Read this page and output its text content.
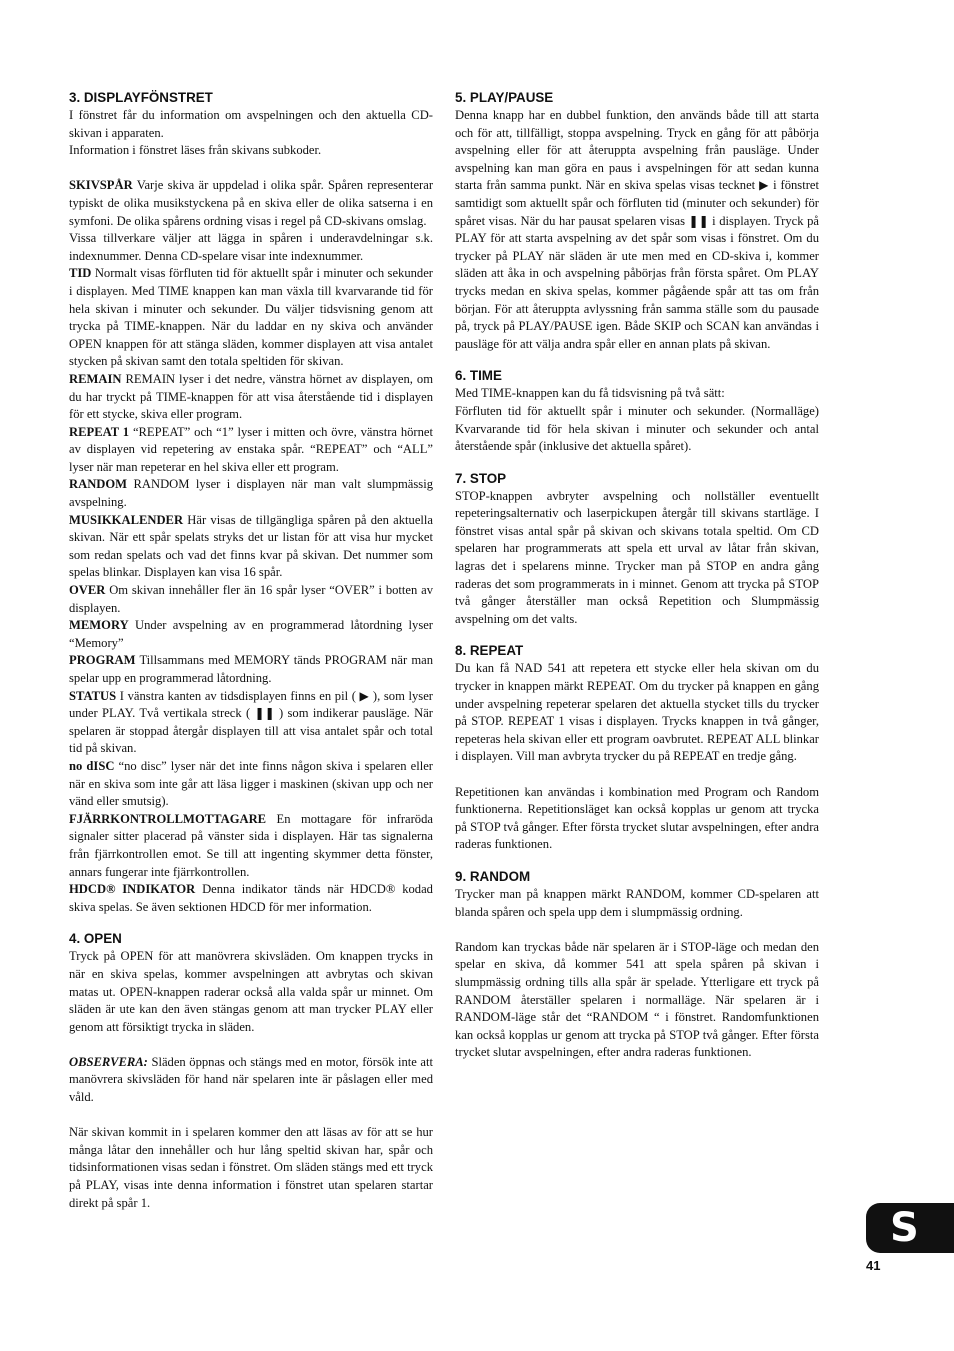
3. DISPLAYFÖNSTRET

I fönstret får du information om avspelningen och den aktuella CD-skivan i apparaten.

Information i fönstret läses från skivans subkoder.

SKIVSPÅR Varje skiva är uppdelad i olika spår. Spåren representerar typiskt de olika musikstyckena på en skiva eller de olika satserna i en symfoni. De olika spårens ordning visas i regel på CD-skivans omslag.

Vissa tillverkare väljer att lägga in spåren i underavdelningar s.k. indexnummer. Denna CD-spelare visar inte indexnummer.

TID Normalt visas förfluten tid för aktuellt spår i minuter och sekunder i displayen. Med TIME knappen kan man växla till kvarvarande tid för hela skivan i minuter och sekunder. Du väljer tidsvisning genom att trycka på TIME-knappen. När du laddar en ny skiva och använder OPEN knappen för att stänga släden, kommer displayen att visa antalet stycken på skivan samt den totala speltiden för skivan.

REMAIN REMAIN lyser i det nedre, vänstra hörnet av displayen, om du har tryckt på TIME-knappen för att visa återstående tid i displayen för ett stycke, skiva eller program.

REPEAT 1 “REPEAT” och “1” lyser i mitten och övre, vänstra hörnet av displayen vid repetering av enstaka spår. “REPEAT” och “ALL” lyser när man repeterar en hel skiva eller ett program.

RANDOM RANDOM lyser i displayen när man valt slumpmässig avspelning.

MUSIKKALENDER Här visas de tillgängliga spåren på den aktuella skivan. När ett spår spelats stryks det ur listan för att visa hur mycket som redan spelats och vad det finns kvar på skivan. Det nummer som spelas blinkar. Displayen kan visa 16 spår.

OVER Om skivan innehåller fler än 16 spår lyser “OVER” i botten av displayen.

MEMORY Under avspelning av en programmerad låtordning lyser “Memory”

PROGRAM Tillsammans med MEMORY tänds PROGRAM när man spelar upp en programmerad låtordning.

STATUS I vänstra kanten av tidsdisplayen finns en pil ( ▶ ), som lyser under PLAY. Två vertikala streck ( ❚❚ ) som indikerar pausläge. När spelaren är stoppad återgår displayen till att visa antalet spår och total tid på skivan.

no dISC “no disc” lyser när det inte finns någon skiva i spelaren eller när en skiva som inte går att läsa ligger i maskinen (skivan upp och ner vänd eller smutsig).

FJÄRRKONTROLLMOTTAGARE En mottagare för infraröda signaler sitter placerad på vänster sida i displayen. Här tas signalerna från fjärrkontrollen emot. Se till att ingenting skymmer detta fönster, annars fungerar inte fjärrkontrollen.

HDCD® INDIKATOR Denna indikator tänds när HDCD® kodad skiva spelas. Se även sektionen HDCD för mer information.

4. OPEN

Tryck på OPEN för att manövrera skivsläden. Om knappen trycks in när en skiva spelas, kommer avspelningen att avbrytas och skivan matas ut. OPEN-knappen raderar också alla valda spår ur minnet. Om släden är ute kan den även stängas genom att man trycker PLAY eller genom att försiktigt trycka in släden.

OBSERVERA: Släden öppnas och stängs med en motor, försök inte att manövrera skivsläden för hand när spelaren inte är påslagen eller med våld.

När skivan kommit in i spelaren kommer den att läsas av för att se hur många låtar den innehåller och hur lång speltid skivan har, spår och tidsinformationen visas sedan i fönstret. Om släden stängs med ett tryck på PLAY, visas inte denna information i fönstret utan spelaren startar direkt på spår 1.

5. PLAY/PAUSE

Denna knapp har en dubbel funktion, den används både till att starta och för att, tillfälligt, stoppa avspelning. Tryck en gång för att påbörja avspelning eller för att återuppta avspelning från pausläge. Under avspelning kan man göra en paus i avspelningen för att sedan kunna starta från samma punkt. När en skiva spelas visas tecknet ▶ i fönstret samtidigt som aktuellt spår och förfluten tid (minuter och sekunder) för spåret visas. När du har pausat spelaren visas ❚❚ i displayen. Tryck på PLAY för att starta avspelning av det spår som visas i fönstret. Om du trycker på PLAY när släden är ute men med en CD-skiva i, kommer släden att åka in och avspelning påbörjas från första spåret. Om PLAY trycks medan en skiva spelas, kommer pågående spår att tas om från början. För att återuppta avlyssning från samma ställe som du pausade på, tryck på PLAY/PAUSE igen. Både SKIP och SCAN kan användas i pausläge för att välja andra spår eller en annan plats på skivan.

6. TIME

Med TIME-knappen kan du få tidsvisning på två sätt:

Förfluten tid för aktuellt spår i minuter och sekunder. (Normalläge) Kvarvarande tid för hela skivan i minuter och sekunder och antal återstående spår (inklusive det aktuella spåret).

7. STOP

STOP-knappen avbryter avspelning och nollställer eventuellt repeteringsalternativ och laserpickupen återgår till skivans startläge. I fönstret visas antal spår på skivan och skivans totala speltid. Om CD spelaren har programmerats att spela ett urval av låtar från skivan, lagras det i spelarens minne. Trycker man på STOP en andra gång raderas det som programmerats in i minnet. Genom att trycka på STOP två gånger återställer man också Repetition och Slumpmässig avspelning om det valts.

8. REPEAT

Du kan få NAD 541 att repetera ett stycke eller hela skivan om du trycker in knappen märkt REPEAT. Om du trycker på knappen en gång under avspelning repeterar spelaren det aktuella stycket tills du trycker på STOP. REPEAT 1 visas i displayen. Trycks knappen in två gånger, repeteras hela skivan eller ett program oavbrutet. REPEAT ALL blinkar i displayen. Vill man avbryta trycker du på REPEAT en tredje gång.

Repetitionen kan användas i kombination med Program och Random funktionerna. Repetitionsläget kan också kopplas ur genom att trycka på STOP två gånger. Efter första trycket slutar avspelningen, efter andra raderas funktionen.

9. RANDOM

Trycker man på knappen märkt RANDOM, kommer CD-spelaren att blanda spåren och spela upp dem i slumpmässig ordning.

Random kan tryckas både när spelaren är i STOP-läge och medan den spelar en skiva, då kommer 541 att spela spåren på skivan i slumpmässig ordning tills alla spår är spelade. Ytterligare ett tryck på RANDOM återställer spelaren i normalläge. När spelaren är i RANDOM-läge står det “RANDOM “ i fönstret. Randomfunktionen kan också kopplas ur genom att trycka på STOP två gånger. Efter första trycket slutar avspelningen, efter andra raderas funktionen.

S
41
